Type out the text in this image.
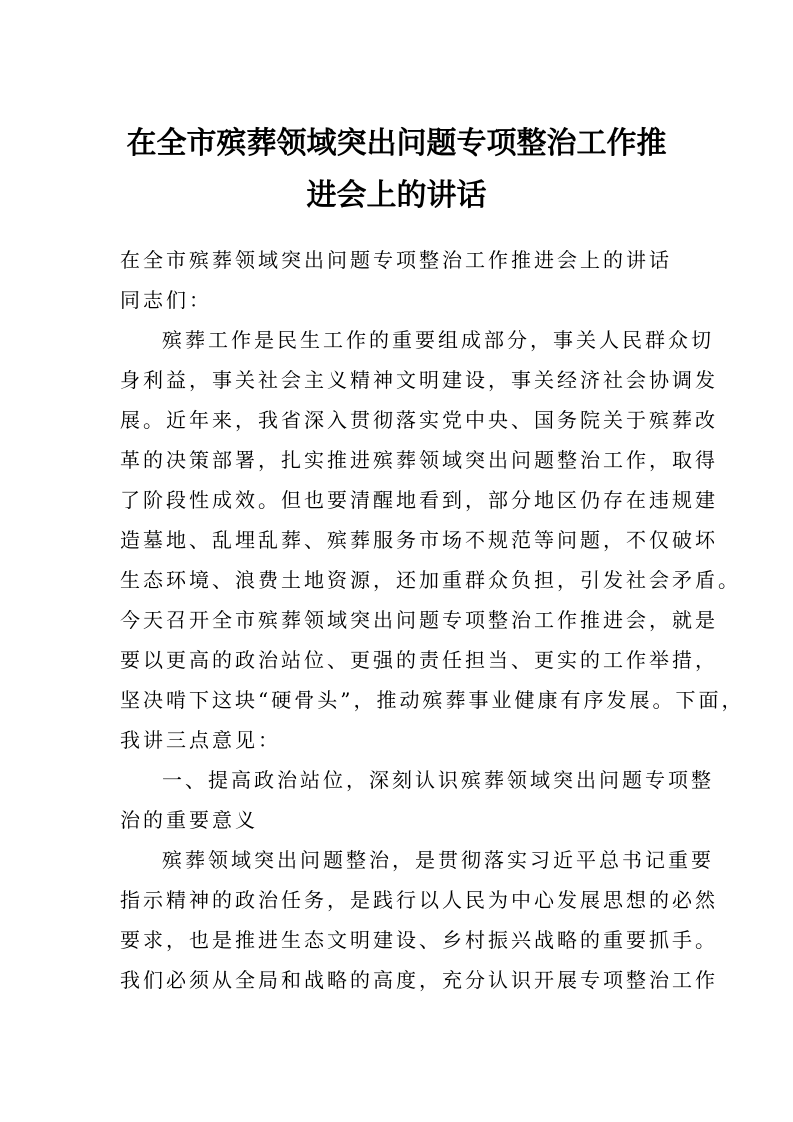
在全市殡葬领域突出问题专项整治工作推
进会上的讲话
在全市殡葬领域突出问题专项整治工作推进会上的讲话
同志们：
殡葬工作是民生工作的重要组成部分，事关人民群众切
身利益，事关社会主义精神文明建设，事关经济社会协调发
展。近年来，我省深入贯彻落实党中央、国务院关于殡葬改
革的决策部署，扎实推进殡葬领域突出问题整治工作，取得
了阶段性成效。但也要清醒地看到，部分地区仍存在违规建
造墓地、乱埋乱葬、殡葬服务市场不规范等问题，不仅破坏
生态环境、浪费土地资源，还加重群众负担，引发社会矛盾。
今天召开全市殡葬领域突出问题专项整治工作推进会，就是
要以更高的政治站位、更强的责任担当、更实的工作举措，
坚决啃下这块“硬骨头”，推动殡葬事业健康有序发展。下面，
我讲三点意见：
一、提高政治站位，深刻认识殡葬领域突出问题专项整
治的重要意义
殡葬领域突出问题整治，是贯彻落实习近平总书记重要
指示精神的政治任务，是践行以人民为中心发展思想的必然
要求，也是推进生态文明建设、乡村振兴战略的重要抓手。
我们必须从全局和战略的高度，充分认识开展专项整治工作
